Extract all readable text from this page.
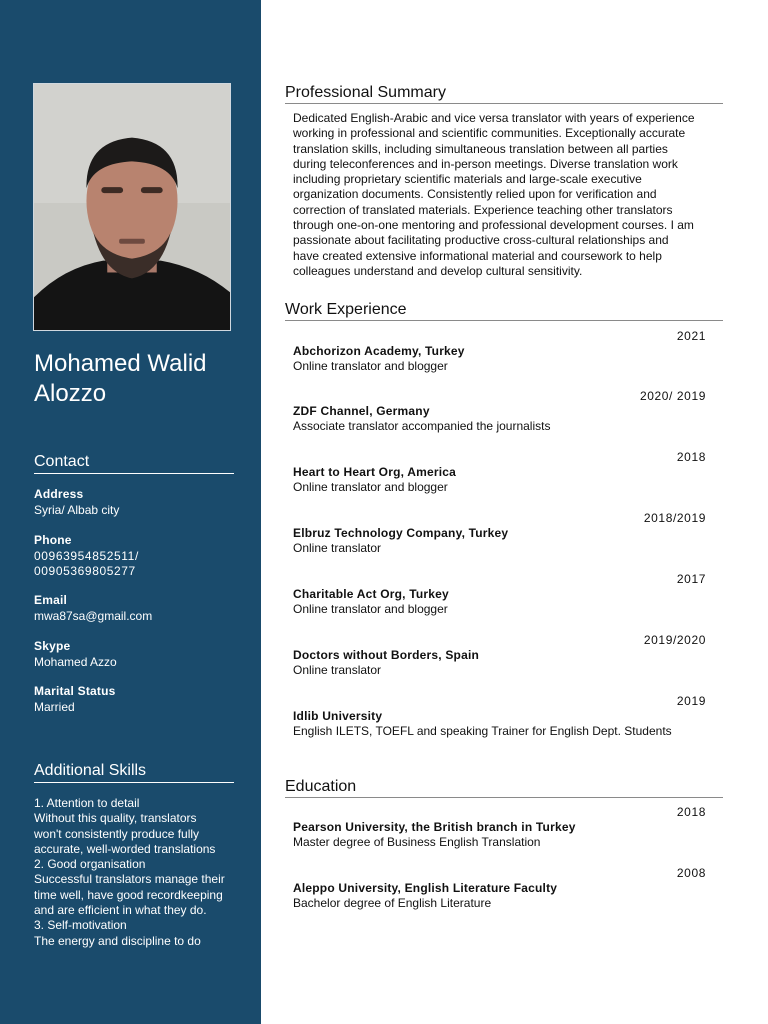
Mohamed Walid
Alozzo
Contact
Address
Syria/ Albab city
Phone
00963954852511/
00905369805277
Email
mwa87sa@gmail.com
Skype
Mohamed Azzo
Marital Status
Married
Additional Skills
1. Attention to detail
Without this quality, translators
won't consistently produce fully
accurate, well-worded translations
2. Good organisation
Successful translators manage their
time well, have good recordkeeping
and are efficient in what they do.
3. Self-motivation
The energy and discipline to do
Professional Summary
Dedicated English-Arabic and vice versa translator with years of experience
working in professional and scientific communities. Exceptionally accurate
translation skills, including simultaneous translation between all parties
during teleconferences and in-person meetings. Diverse translation work
including proprietary scientific materials and large-scale executive
organization documents. Consistently relied upon for verification and
correction of translated materials. Experience teaching other translators
through one-on-one mentoring and professional development courses. I am
passionate about facilitating productive cross-cultural relationships and
have created extensive informational material and coursework to help
colleagues understand and develop cultural sensitivity.
Work Experience
2021
Abchorizon Academy, Turkey
Online translator and blogger
2020/ 2019
ZDF Channel, Germany
Associate translator accompanied the journalists
2018
Heart to Heart Org, America
Online translator and blogger
2018/2019
Elbruz Technology Company, Turkey
Online translator
2017
Charitable Act Org, Turkey
Online translator and blogger
2019/2020
Doctors without Borders, Spain
Online translator
2019
Idlib University
English ILETS, TOEFL and speaking Trainer for English Dept. Students
Education
2018
Pearson University, the British branch in Turkey
Master degree of Business English Translation
2008
Aleppo University, English Literature Faculty
Bachelor degree of English Literature
